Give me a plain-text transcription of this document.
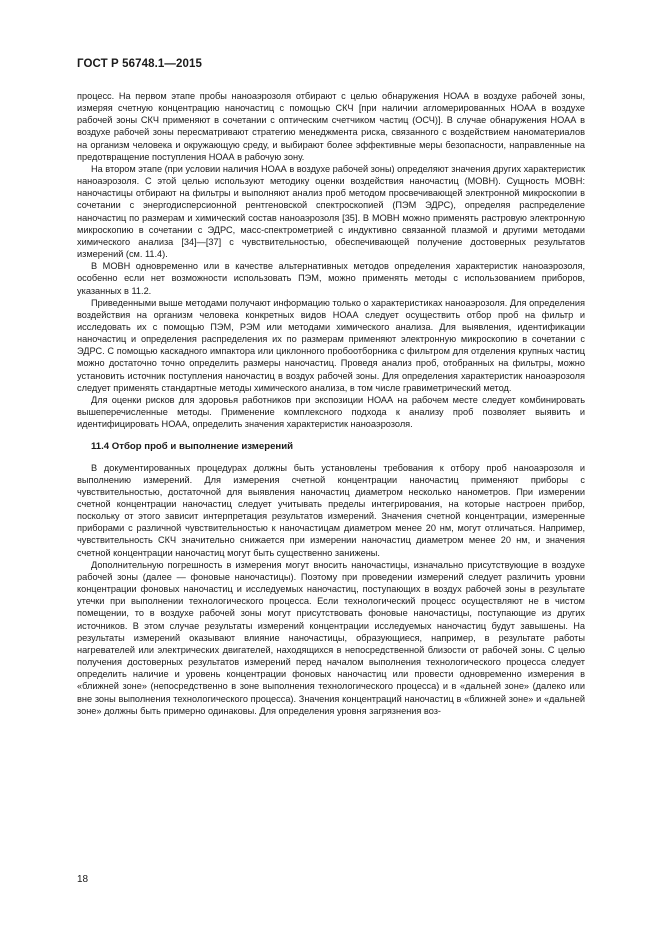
ГОСТ Р 56748.1—2015

процесс. На первом этапе пробы наноаэрозоля отбирают с целью обнаружения НОАА в воздухе рабочей зоны, измеряя счетную концентрацию наночастиц с помощью СКЧ [при наличии агломерированных НОАА в воздухе рабочей зоны СКЧ применяют в сочетании с оптическим счетчиком частиц (ОСЧ)]. В случае обнаружения НОАА в воздухе рабочей зоны пересматривают стратегию менеджмента риска, связанного с воздействием наноматериалов на организм человека и окружающую среду, и выбирают более эффективные меры безопасности, направленные на предотвращение поступления НОАА в рабочую зону.

На втором этапе (при условии наличия НОАА в воздухе рабочей зоны) определяют значения других характеристик наноаэрозоля. С этой целью используют методику оценки воздействия наночастиц (МОВН). Сущность МОВН: наночастицы отбирают на фильтры и выполняют анализ проб методом просвечивающей электронной микроскопии в сочетании с энергодисперсионной рентгеновской спектроскопией (ПЭМ ЭДРС), определяя распределение наночастиц по размерам и химический состав наноаэрозоля [35]. В МОВН можно применять растровую электронную микроскопию в сочетании с ЭДРС, масс-спектрометрией с индуктивно связанной плазмой и другими методами химического анализа [34]—[37] с чувствительностью, обеспечивающей получение достоверных результатов измерений (см. 11.4).

В МОВН одновременно или в качестве альтернативных методов определения характеристик наноаэрозоля, особенно если нет возможности использовать ПЭМ, можно применять методы с использованием приборов, указанных в 11.2.

Приведенными выше методами получают информацию только о характеристиках наноаэрозоля. Для определения воздействия на организм человека конкретных видов НОАА следует осуществить отбор проб на фильтр и исследовать их с помощью ПЭМ, РЭМ или методами химического анализа. Для выявления, идентификации наночастиц и определения распределения их по размерам применяют электронную микроскопию в сочетании с ЭДРС. С помощью каскадного импактора или циклонного пробоотборника с фильтром для отделения крупных частиц можно достаточно точно определить размеры наночастиц. Проведя анализ проб, отобранных на фильтры, можно установить источник поступления наночастиц в воздух рабочей зоны. Для определения характеристик наноаэрозоля следует применять стандартные методы химического анализа, в том числе гравиметрический метод.

Для оценки рисков для здоровья работников при экспозиции НОАА на рабочем месте следует комбинировать вышеперечисленные методы. Применение комплексного подхода к анализу проб позволяет выявить и идентифицировать НОАА, определить значения характеристик наноаэрозоля.

11.4 Отбор проб и выполнение измерений

В документированных процедурах должны быть установлены требования к отбору проб наноаэрозоля и выполнению измерений. Для измерения счетной концентрации наночастиц применяют приборы с чувствительностью, достаточной для выявления наночастиц диаметром несколько нанометров. При измерении счетной концентрации наночастиц следует учитывать пределы интегрирования, на которые настроен прибор, поскольку от этого зависит интерпретация результатов измерений. Значения счетной концентрации, измеренные приборами с различной чувствительностью к наночастицам диаметром менее 20 нм, могут отличаться. Например, чувствительность СКЧ значительно снижается при измерении наночастиц диаметром менее 20 нм, и значения счетной концентрации наночастиц могут быть существенно занижены.

Дополнительную погрешность в измерения могут вносить наночастицы, изначально присутствующие в воздухе рабочей зоны (далее — фоновые наночастицы). Поэтому при проведении измерений следует различить уровни концентрации фоновых наночастиц и исследуемых наночастиц, поступающих в воздух рабочей зоны в результате утечки при выполнении технологического процесса. Если технологический процесс осуществляют не в чистом помещении, то в воздухе рабочей зоны могут присутствовать фоновые наночастицы, поступающие из других источников. В этом случае результаты измерений концентрации исследуемых наночастиц будут завышены. На результаты измерений оказывают влияние наночастицы, образующиеся, например, в результате работы нагревателей или электрических двигателей, находящихся в непосредственной близости от рабочей зоны. С целью получения достоверных результатов измерений перед началом выполнения технологического процесса следует определить наличие и уровень концентрации фоновых наночастиц или провести одновременно измерения в «ближней зоне» (непосредственно в зоне выполнения технологического процесса) и в «дальней зоне» (далеко или вне зоны выполнения технологического процесса). Значения концентраций наночастиц в «ближней зоне» и «дальней зоне» должны быть примерно одинаковы. Для определения уровня загрязнения воз-

18
